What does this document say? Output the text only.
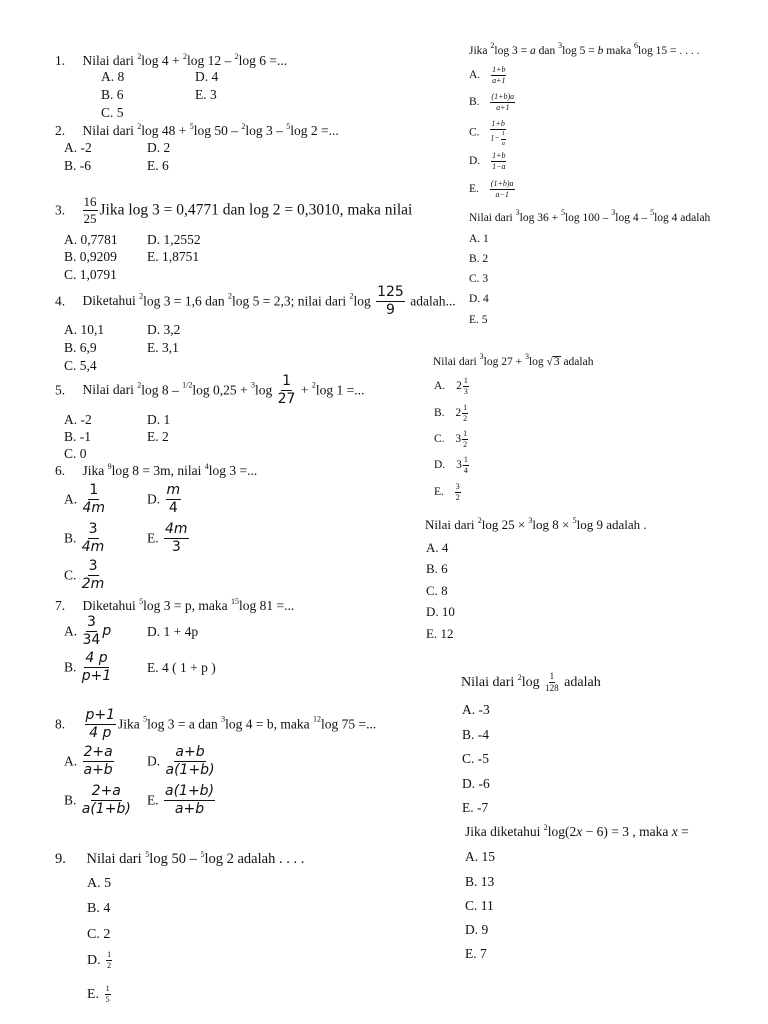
1. Nilai dari $^2$log 4 + $^2$log 12 – $^2$log 6 =...
A. 8	D. 4
B. 6	E. 3
C. 5
2. Nilai dari $^2$log 48 + $^5$log 50 – $^2$log 3 – $^5$log 2 =...
A. -2	D. 2
B. -6	E. 6
3. $\frac{16}{25}$ Jika log 3 = 0,4771 dan log 2 = 0,3010, maka nilai
A. 0,7781 D. 1,2552
B. 0,9209 E. 1,8751
C. 1,0791
4. Diketahui $^2$log 3 = 1,6 dan $^2$log 5 = 2,3; nilai dari $^2\log \frac{125}{9}$ adalah...
A. 10,1	D. 3,2
B. 6,9	E. 3,1
C. 5,4
5. Nilai dari $^2$log 8 – $^{1/2}$log $0,25 + ^3\log \frac{1}{27} + ^2\log$ 1 =...
A. -2	D. 1
B. -1	E. 2
C. 0
6. Jika $^9$log 8 = 3m, nilai $^4$log 3 =...
A. $\frac{1}{4m}$	D. $\frac{m}{4}$
B. $\frac{3}{4m}$	E. $\frac{4m}{3}$
C. $\frac{3}{2m}$
7. Diketahui $^5$log 3 = p, maka $^{15}$log 81 =...
A. $\frac{3}{34}$ p	D. 1 + 4p
B. $\frac{4 p}{p+1}$	E. 4 ( 1 + p )
8. $\frac{p+1}{4 p}$ Jika $^5$log 3 = a dan $^3$log 4 = b, maka $^{12}$log 75 =...
A. $\frac{2+a}{a+b} D$. $\frac{a+b}{a(1+b)}$
B. $\frac{2+a}{a(1+b)} E$. $\frac{a(1+b)}{a+b}$
9. Nilai dari $^5$log 50 – $^5$log 2 adalah . . . .
A. 5
B. 4
C. 2
D. $\frac{1}{2}$
E. $\frac{1}{5}$
Jika $^2$log 3 = a dan $^3$log 5 = b maka $^6$log 15 = . . . .
A. $\frac{1+b}{a+1}$
B. $\frac{(1+b)a}{a+1}$
C. $\frac{1+b}{1- \frac{1}{a}}$
D. $\frac{1+b}{1-a}$
E. $\frac{(1+b)a}{a-1}$
Nilai dari $^3$log 36 + $^5$log 100 – $^3$log 4 – $^5$log 4 adalah
A. 1
B. 2
C. 3
D. 4
E. 5
Nilai dari $^3$log 27 + $^3$log √3 adalah
A. $2 \frac{1}{3}$
B. $2 \frac{1}{2}$
C. $3 \frac{1}{2}$
D. $3 \frac{1}{4}$
E. $\frac{3}{2}$
Nilai dari $^2$log 25 × $^3$log 8 × $^5$log 9 adalah .
A. 4
B. 6
C. 8
D. 10
E. 12
Nilai dari $^2\log \frac{1}{128}$ adalah
A. -3
B. -4
C. -5
D. -6
E. -7
Jika diketahui $^2$log(2x − 6) = 3 , maka x =
A. 15
B. 13
C. 11
D. 9
E. 7
